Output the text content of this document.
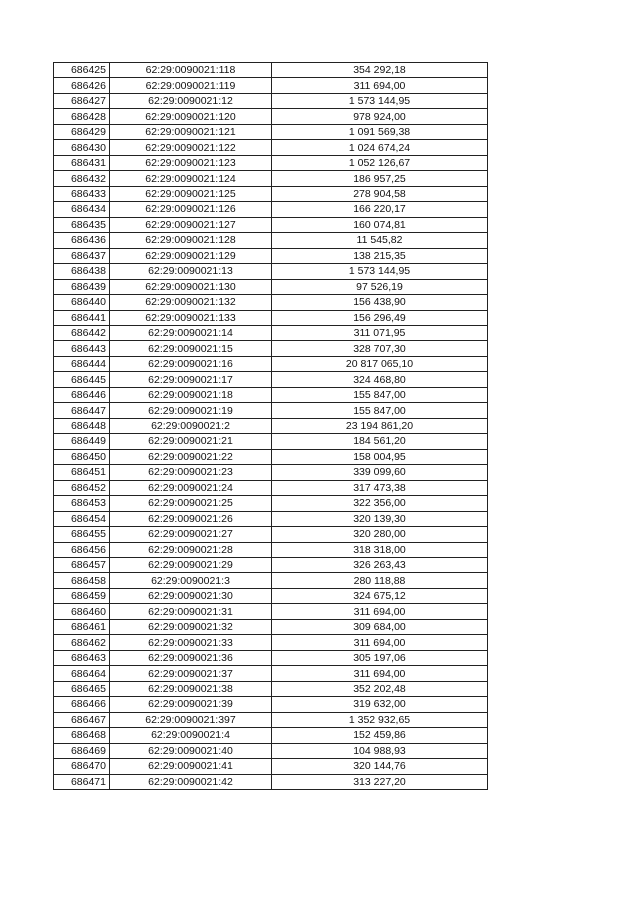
686425	62:29:0090021:118	354 292,18
686426	62:29:0090021:119	311 694,00
686427	62:29:0090021:12	1 573 144,95
686428	62:29:0090021:120	978 924,00
686429	62:29:0090021:121	1 091 569,38
686430	62:29:0090021:122	1 024 674,24
686431	62:29:0090021:123	1 052 126,67
686432	62:29:0090021:124	186 957,25
686433	62:29:0090021:125	278 904,58
686434	62:29:0090021:126	166 220,17
686435	62:29:0090021:127	160 074,81
686436	62:29:0090021:128	11 545,82
686437	62:29:0090021:129	138 215,35
686438	62:29:0090021:13	1 573 144,95
686439	62:29:0090021:130	97 526,19
686440	62:29:0090021:132	156 438,90
686441	62:29:0090021:133	156 296,49
686442	62:29:0090021:14	311 071,95
686443	62:29:0090021:15	328 707,30
686444	62:29:0090021:16	20 817 065,10
686445	62:29:0090021:17	324 468,80
686446	62:29:0090021:18	155 847,00
686447	62:29:0090021:19	155 847,00
686448	62:29:0090021:2	23 194 861,20
686449	62:29:0090021:21	184 561,20
686450	62:29:0090021:22	158 004,95
686451	62:29:0090021:23	339 099,60
686452	62:29:0090021:24	317 473,38
686453	62:29:0090021:25	322 356,00
686454	62:29:0090021:26	320 139,30
686455	62:29:0090021:27	320 280,00
686456	62:29:0090021:28	318 318,00
686457	62:29:0090021:29	326 263,43
686458	62:29:0090021:3	280 118,88
686459	62:29:0090021:30	324 675,12
686460	62:29:0090021:31	311 694,00
686461	62:29:0090021:32	309 684,00
686462	62:29:0090021:33	311 694,00
686463	62:29:0090021:36	305 197,06
686464	62:29:0090021:37	311 694,00
686465	62:29:0090021:38	352 202,48
686466	62:29:0090021:39	319 632,00
686467	62:29:0090021:397	1 352 932,65
686468	62:29:0090021:4	152 459,86
686469	62:29:0090021:40	104 988,93
686470	62:29:0090021:41	320 144,76
686471	62:29:0090021:42	313 227,20
